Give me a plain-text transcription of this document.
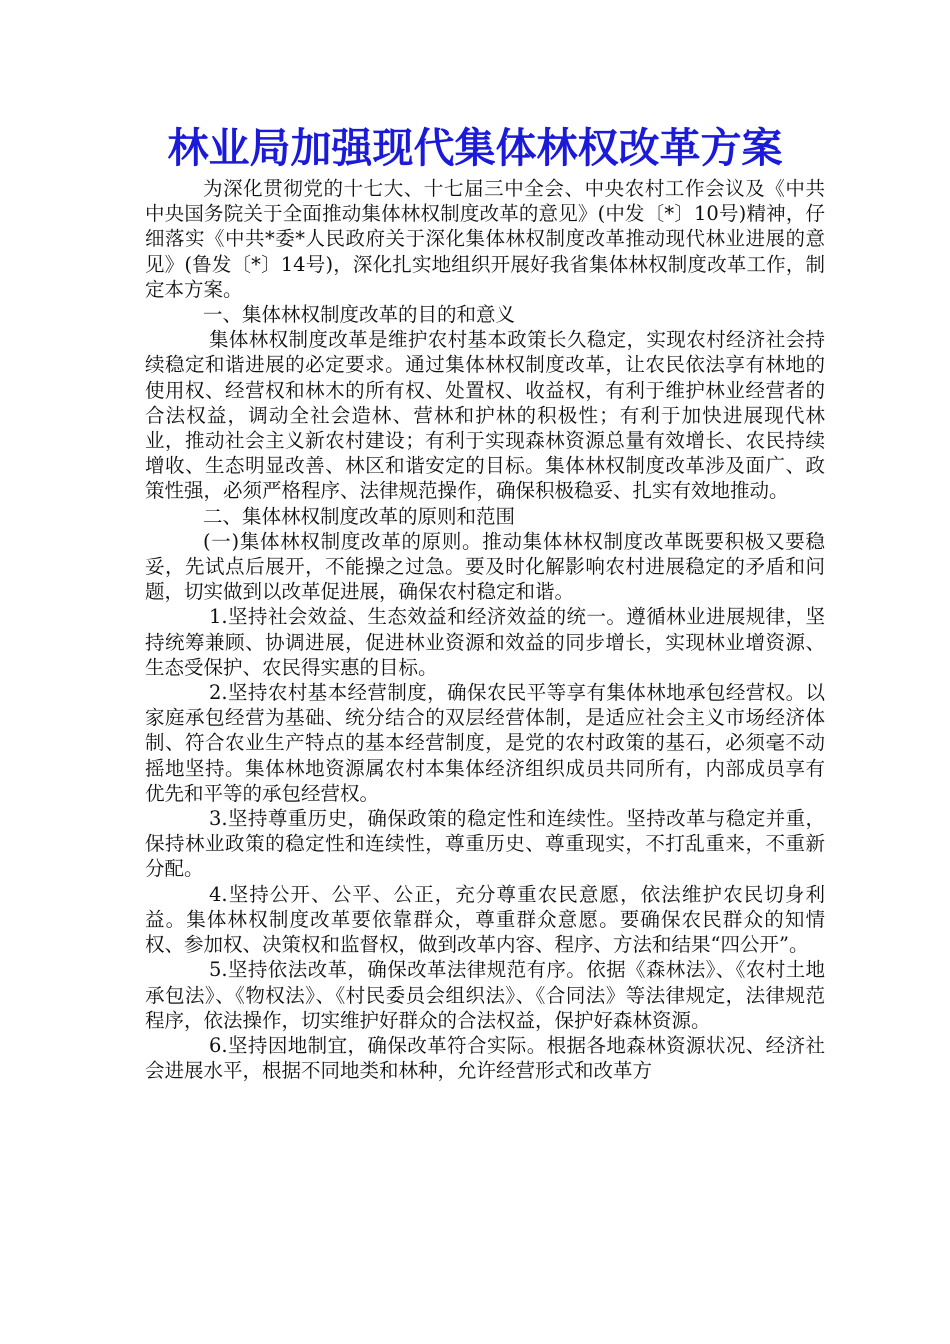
林业局加强现代集体林权改革方案

为深化贯彻党的十七大、十七届三中全会、中央农村工作会议及《中共中央国务院关于全面推动集体林权制度改革的意见》(中发〔*〕10号)精神，仔细落实《中共*委*人民政府关于深化集体林权制度改革推动现代林业进展的意见》(鲁发〔*〕14号)，深化扎实地组织开展好我省集体林权制度改革工作，制定本方案。

一、集体林权制度改革的目的和意义

集体林权制度改革是维护农村基本政策长久稳定，实现农村经济社会持续稳定和谐进展的必定要求。通过集体林权制度改革，让农民依法享有林地的使用权、经营权和林木的所有权、处置权、收益权，有利于维护林业经营者的合法权益，调动全社会造林、营林和护林的积极性；有利于加快进展现代林业，推动社会主义新农村建设；有利于实现森林资源总量有效增长、农民持续增收、生态明显改善、林区和谐安定的目标。集体林权制度改革涉及面广、政策性强，必须严格程序、法律规范操作，确保积极稳妥、扎实有效地推动。

二、集体林权制度改革的原则和范围

(一)集体林权制度改革的原则。推动集体林权制度改革既要积极又要稳妥，先试点后展开，不能操之过急。要及时化解影响农村进展稳定的矛盾和问题，切实做到以改革促进展，确保农村稳定和谐。

1.坚持社会效益、生态效益和经济效益的统一。遵循林业进展规律，坚持统筹兼顾、协调进展，促进林业资源和效益的同步增长，实现林业增资源、生态受保护、农民得实惠的目标。

2.坚持农村基本经营制度，确保农民平等享有集体林地承包经营权。以家庭承包经营为基础、统分结合的双层经营体制，是适应社会主义市场经济体制、符合农业生产特点的基本经营制度，是党的农村政策的基石，必须毫不动摇地坚持。集体林地资源属农村本集体经济组织成员共同所有，内部成员享有优先和平等的承包经营权。

3.坚持尊重历史，确保政策的稳定性和连续性。坚持改革与稳定并重，保持林业政策的稳定性和连续性，尊重历史、尊重现实，不打乱重来，不重新分配。

4.坚持公开、公平、公正，充分尊重农民意愿，依法维护农民切身利益。集体林权制度改革要依靠群众，尊重群众意愿。要确保农民群众的知情权、参加权、决策权和监督权，做到改革内容、程序、方法和结果“四公开”。

5.坚持依法改革，确保改革法律规范有序。依据《森林法》、《农村土地承包法》、《物权法》、《村民委员会组织法》、《合同法》等法律规定，法律规范程序，依法操作，切实维护好群众的合法权益，保护好森林资源。

6.坚持因地制宜，确保改革符合实际。根据各地森林资源状况、经济社会进展水平，根据不同地类和林种，允许经营形式和改革方
